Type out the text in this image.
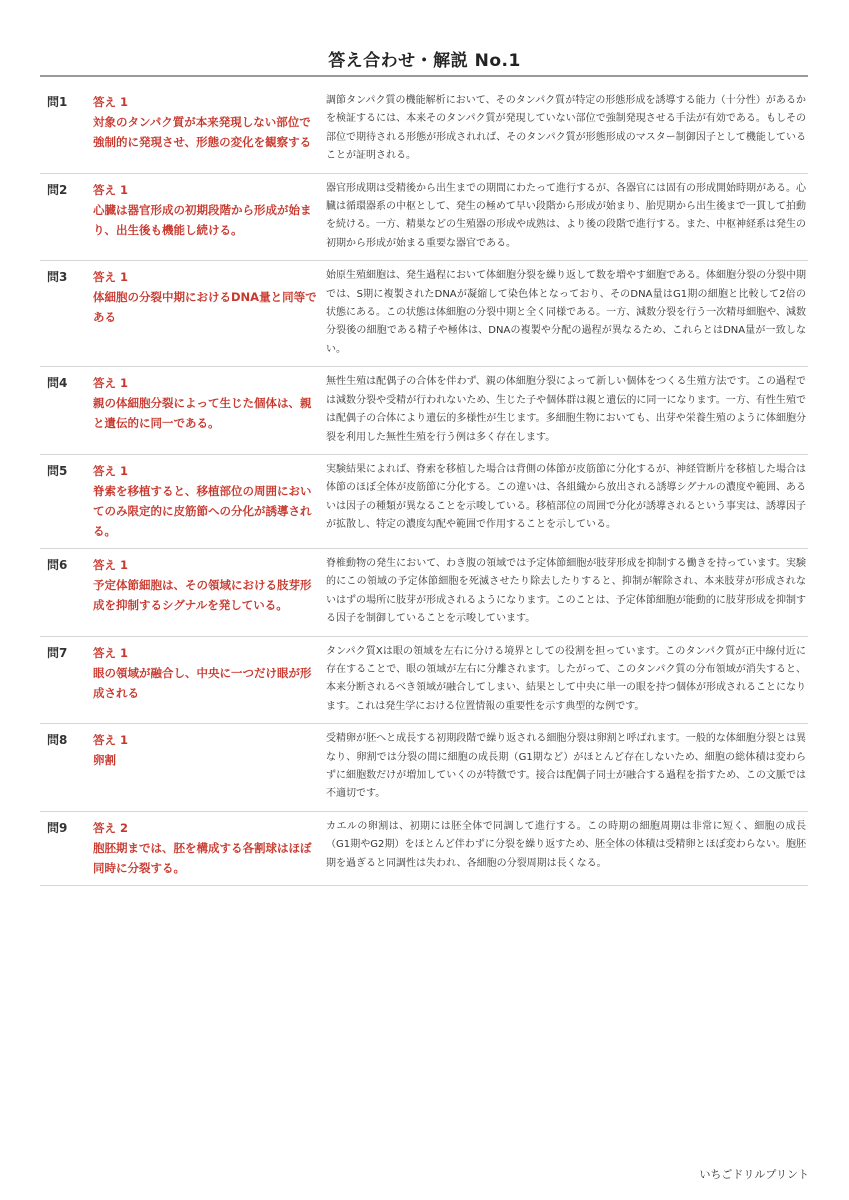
答え合わせ・解説 No.1
問1	答え 1
対象のタンパク質が本来発現しない部位で強制的に発現させ、形態の変化を観察する
調節タンパク質の機能解析において、そのタンパク質が特定の形態形成を誘導する能力（十分性）があるかを検証するには、本来そのタンパク質が発現していない部位で強制発現させる手法が有効である。もしその部位で期待される形態が形成されれば、そのタンパク質が形態形成のマスター制御因子として機能していることが証明される。
問2	答え 1
心臓は器官形成の初期段階から形成が始まり、出生後も機能し続ける。
器官形成期は受精後から出生までの期間にわたって進行するが、各器官には固有の形成開始時期がある。心臓は循環器系の中枢として、発生の極めて早い段階から形成が始まり、胎児期から出生後まで一貫して拍動を続ける。一方、精巣などの生殖器の形成や成熟は、より後の段階で進行する。また、中枢神経系は発生の初期から形成が始まる重要な器官である。
問3	答え 1
体細胞の分裂中期におけるDNA量と同等である
始原生殖細胞は、発生過程において体細胞分裂を繰り返して数を増やす細胞である。体細胞分裂の分裂中期では、S期に複製されたDNAが凝縮して染色体となっており、そのDNA量はG1期の細胞と比較して2倍の状態にある。この状態は体細胞の分裂中期と全く同様である。一方、減数分裂を行う一次精母細胞や、減数分裂後の細胞である精子や極体は、DNAの複製や分配の過程が異なるため、これらとはDNA量が一致しない。
問4	答え 1
親の体細胞分裂によって生じた個体は、親と遺伝的に同一である。
無性生殖は配偶子の合体を伴わず、親の体細胞分裂によって新しい個体をつくる生殖方法です。この過程では減数分裂や受精が行われないため、生じた子や個体群は親と遺伝的に同一になります。一方、有性生殖では配偶子の合体により遺伝的多様性が生じます。多細胞生物においても、出芽や栄養生殖のように体細胞分裂を利用した無性生殖を行う例は多く存在します。
問5	答え 1
脊索を移植すると、移植部位の周囲においてのみ限定的に皮筋節への分化が誘導される。
実験結果によれば、脊索を移植した場合は背側の体節が皮筋節に分化するが、神経管断片を移植した場合は体節のほぼ全体が皮筋節に分化する。この違いは、各組織から放出される誘導シグナルの濃度や範囲、あるいは因子の種類が異なることを示唆している。移植部位の周囲で分化が誘導されるという事実は、誘導因子が拡散し、特定の濃度勾配や範囲で作用することを示している。
問6	答え 1
予定体節細胞は、その領域における肢芽形成を抑制するシグナルを発している。
脊椎動物の発生において、わき腹の領域では予定体節細胞が肢芽形成を抑制する働きを持っています。実験的にこの領域の予定体節細胞を死滅させたり除去したりすると、抑制が解除され、本来肢芽が形成されないはずの場所に肢芽が形成されるようになります。このことは、予定体節細胞が能動的に肢芽形成を抑制する因子を制御していることを示唆しています。
問7	答え 1
眼の領域が融合し、中央に一つだけ眼が形成される
タンパク質Xは眼の領域を左右に分ける境界としての役割を担っています。このタンパク質が正中線付近に存在することで、眼の領域が左右に分離されます。したがって、このタンパク質の分布領域が消失すると、本来分断されるべき領域が融合してしまい、結果として中央に単一の眼を持つ個体が形成されることになります。これは発生学における位置情報の重要性を示す典型的な例です。
問8	答え 1
卵割
受精卵が胚へと成長する初期段階で繰り返される細胞分裂は卵割と呼ばれます。一般的な体細胞分裂とは異なり、卵割では分裂の間に細胞の成長期（G1期など）がほとんど存在しないため、細胞の総体積は変わらずに細胞数だけが増加していくのが特徴です。接合は配偶子同士が融合する過程を指すため、この文脈では不適切です。
問9	答え 2
胞胚期までは、胚を構成する各割球はほぼ同時に分裂する。
カエルの卵割は、初期には胚全体で同調して進行する。この時期の細胞周期は非常に短く、細胞の成長（G1期やG2期）をほとんど伴わずに分裂を繰り返すため、胚全体の体積は受精卵とほぼ変わらない。胞胚期を過ぎると同調性は失われ、各細胞の分裂周期は長くなる。
いちごドリルプリント
